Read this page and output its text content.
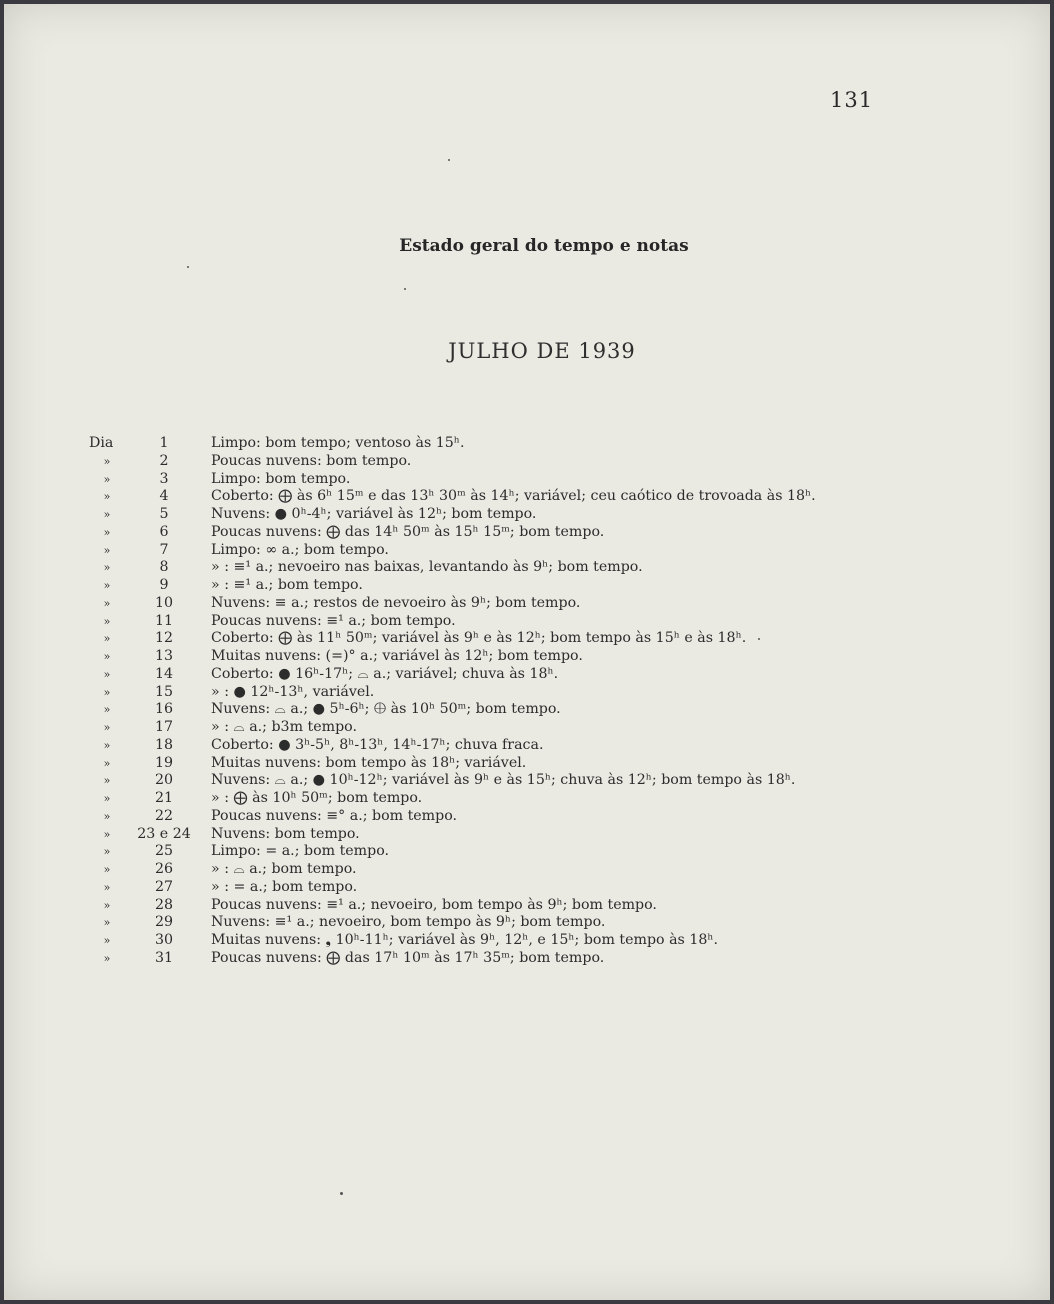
131
Estado geral do tempo e notas
JULHO DE 1939
Dia	1	Limpo: bom tempo; ventoso às 15ʰ.
»	2	Poucas nuvens: bom tempo.
»	3	Limpo: bom tempo.
»	4	Coberto: ⨁ às 6ʰ 15ᵐ e das 13ʰ 30ᵐ às 14ʰ; variável; ceu caótico de trovoada às 18ʰ.
»	5	Nuvens: ● 0ʰ-4ʰ; variável às 12ʰ; bom tempo.
»	6	Poucas nuvens: ⨁ das 14ʰ 50ᵐ às 15ʰ 15ᵐ; bom tempo.
»	7	Limpo: ∞ a.; bom tempo.
»	8	» : ≡¹ a.; nevoeiro nas baixas, levantando às 9ʰ; bom tempo.
»	9	» : ≡¹ a.; bom tempo.
»	10	Nuvens: ≡ a.; restos de nevoeiro às 9ʰ; bom tempo.
»	11	Poucas nuvens: ≡¹ a.; bom tempo.
»	12	Coberto: ⨁ às 11ʰ 50ᵐ; variável às 9ʰ e às 12ʰ; bom tempo às 15ʰ e às 18ʰ.
»	13	Muitas nuvens: (=)° a.; variável às 12ʰ; bom tempo.
»	14	Coberto: ● 16ʰ-17ʰ; ⌓ a.; variável; chuva às 18ʰ.
»	15	» : ● 12ʰ-13ʰ, variável.
»	16	Nuvens: ⌓ a.; ● 5ʰ-6ʰ; ⨁ às 10ʰ 50ᵐ; bom tempo.
»	17	» : ⌓ a.; b3m tempo.
»	18	Coberto: ● 3ʰ-5ʰ, 8ʰ-13ʰ, 14ʰ-17ʰ; chuva fraca.
»	19	Muitas nuvens: bom tempo às 18ʰ; variável.
»	20	Nuvens: ⌓ a.; ● 10ʰ-12ʰ; variável às 9ʰ e às 15ʰ; chuva às 12ʰ; bom tempo às 18ʰ.
»	21	» : ⨁ às 10ʰ 50ᵐ; bom tempo.
»	22	Poucas nuvens: ≡° a.; bom tempo.
»	23 e 24	Nuvens: bom tempo.
»	25	Limpo: = a.; bom tempo.
»	26	» : ⌓ a.; bom tempo.
»	27	» : = a.; bom tempo.
»	28	Poucas nuvens: ≡¹ a.; nevoeiro, bom tempo às 9ʰ; bom tempo.
»	29	Nuvens: ≡¹ a.; nevoeiro, bom tempo às 9ʰ; bom tempo.
»	30	Muitas nuvens: ❟ 10ʰ-11ʰ; variável às 9ʰ, 12ʰ, e 15ʰ; bom tempo às 18ʰ.
»	31	Poucas nuvens: ⨁ das 17ʰ 10ᵐ às 17ʰ 35ᵐ; bom tempo.
